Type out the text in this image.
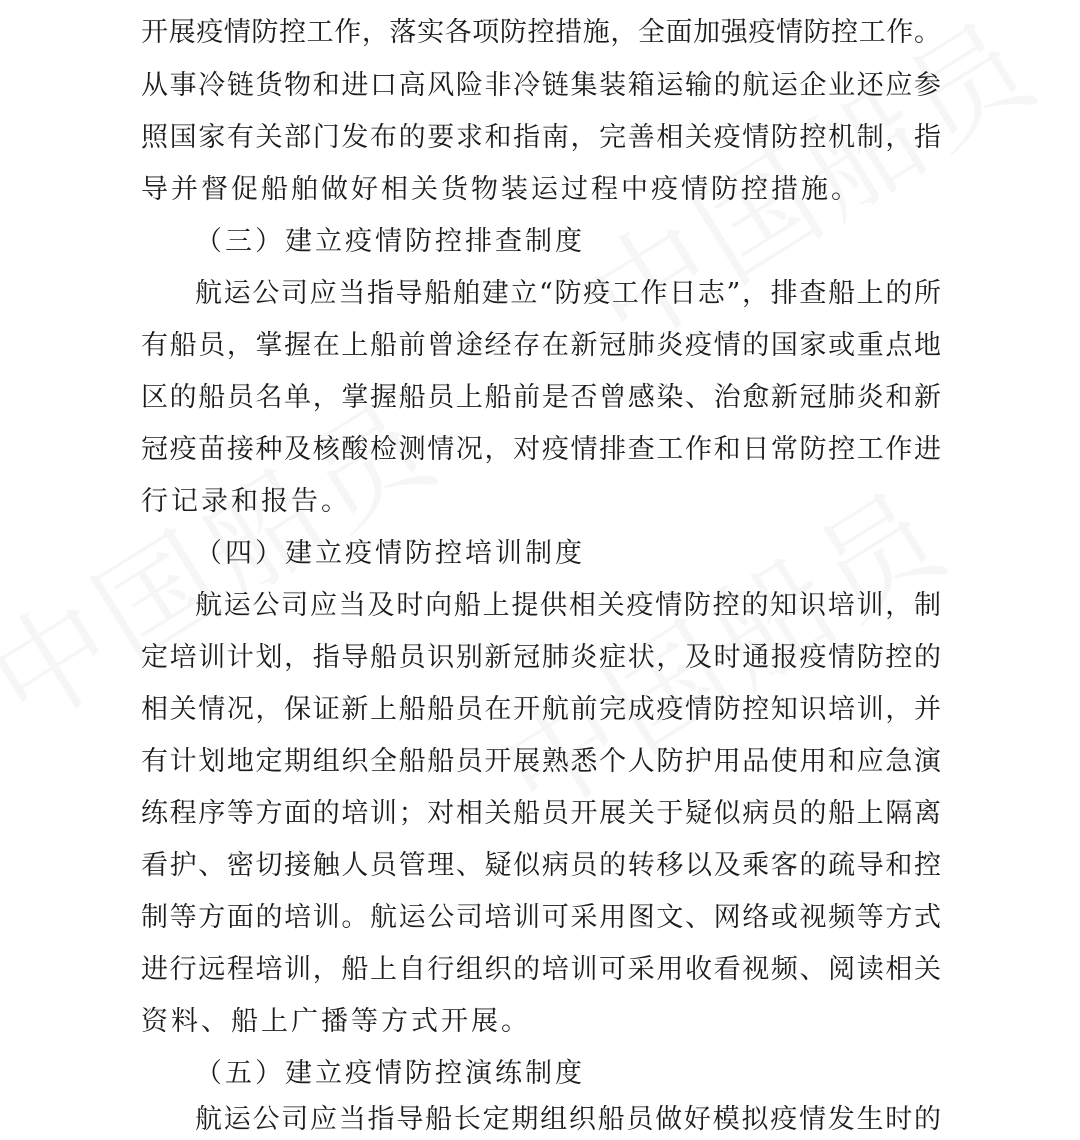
开展疫情防控工作，落实各项防控措施，全面加强疫情防控工作。
从事冷链货物和进口高风险非冷链集装箱运输的航运企业还应参
照国家有关部门发布的要求和指南，完善相关疫情防控机制，指
导并督促船舶做好相关货物装运过程中疫情防控措施。
（三）建立疫情防控排查制度
航运公司应当指导船舶建立“防疫工作日志”，排查船上的所
有船员，掌握在上船前曾途经存在新冠肺炎疫情的国家或重点地
区的船员名单，掌握船员上船前是否曾感染、治愈新冠肺炎和新
冠疫苗接种及核酸检测情况，对疫情排查工作和日常防控工作进
行记录和报告。
（四）建立疫情防控培训制度
航运公司应当及时向船上提供相关疫情防控的知识培训，制
定培训计划，指导船员识别新冠肺炎症状，及时通报疫情防控的
相关情况，保证新上船船员在开航前完成疫情防控知识培训，并
有计划地定期组织全船船员开展熟悉个人防护用品使用和应急演
练程序等方面的培训；对相关船员开展关于疑似病员的船上隔离
看护、密切接触人员管理、疑似病员的转移以及乘客的疏导和控
制等方面的培训。航运公司培训可采用图文、网络或视频等方式
进行远程培训，船上自行组织的培训可采用收看视频、阅读相关
资料、船上广播等方式开展。
（五）建立疫情防控演练制度
航运公司应当指导船长定期组织船员做好模拟疫情发生时的
